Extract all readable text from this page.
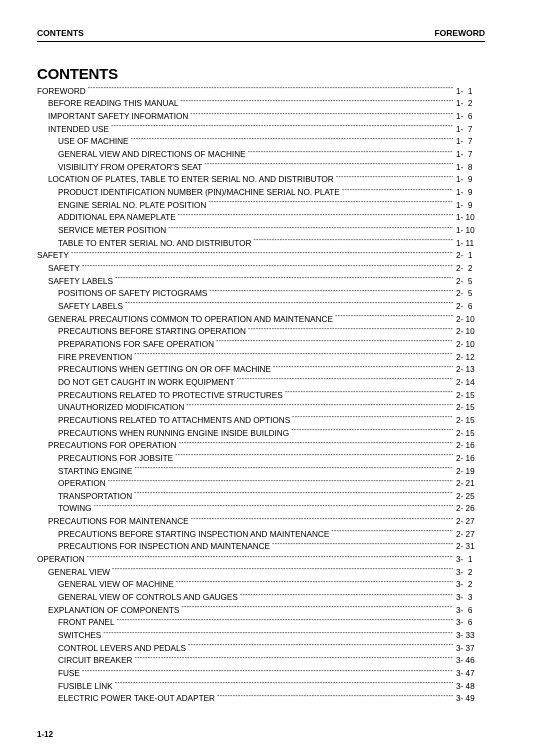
CONTENTS	FOREWORD
CONTENTS
FOREWORD -----	1-  1
BEFORE READING THIS MANUAL -----	1-  2
IMPORTANT SAFETY INFORMATION -----	1-  6
INTENDED USE -----	1-  7
USE OF MACHINE -----	1-  7
GENERAL VIEW AND DIRECTIONS OF MACHINE -----	1-  7
VISIBILITY FROM OPERATOR'S SEAT -----	1-  8
LOCATION OF PLATES, TABLE TO ENTER SERIAL NO. AND DISTRIBUTOR -----	1-  9
PRODUCT IDENTIFICATION NUMBER (PIN)/MACHINE SERIAL NO. PLATE -----	1-  9
ENGINE SERIAL NO. PLATE POSITION -----	1-  9
ADDITIONAL EPA NAMEPLATE -----	1- 10
SERVICE METER POSITION -----	1- 10
TABLE TO ENTER SERIAL NO. AND DISTRIBUTOR -----	1- 11
SAFETY -----	2-  1
SAFETY -----	2-  2
SAFETY LABELS -----	2-  5
POSITIONS OF SAFETY PICTOGRAMS -----	2-  5
SAFETY LABELS -----	2-  6
GENERAL PRECAUTIONS COMMON TO OPERATION AND MAINTENANCE -----	2- 10
PRECAUTIONS BEFORE STARTING OPERATION -----	2- 10
PREPARATIONS FOR SAFE OPERATION -----	2- 10
FIRE PREVENTION -----	2- 12
PRECAUTIONS WHEN GETTING ON OR OFF MACHINE -----	2- 13
DO NOT GET CAUGHT IN WORK EQUIPMENT -----	2- 14
PRECAUTIONS RELATED TO PROTECTIVE STRUCTURES -----	2- 15
UNAUTHORIZED MODIFICATION -----	2- 15
PRECAUTIONS RELATED TO ATTACHMENTS AND OPTIONS -----	2- 15
PRECAUTIONS WHEN RUNNING ENGINE INSIDE BUILDING -----	2- 15
PRECAUTIONS FOR OPERATION -----	2- 16
PRECAUTIONS FOR JOBSITE -----	2- 16
STARTING ENGINE -----	2- 19
OPERATION -----	2- 21
TRANSPORTATION -----	2- 25
TOWING -----	2- 26
PRECAUTIONS FOR MAINTENANCE -----	2- 27
PRECAUTIONS BEFORE STARTING INSPECTION AND MAINTENANCE -----	2- 27
PRECAUTIONS FOR INSPECTION AND MAINTENANCE -----	2- 31
OPERATION -----	3-  1
GENERAL VIEW -----	3-  2
GENERAL VIEW OF MACHINE -----	3-  2
GENERAL VIEW OF CONTROLS AND GAUGES -----	3-  3
EXPLANATION OF COMPONENTS -----	3-  6
FRONT PANEL -----	3-  6
SWITCHES -----	3- 33
CONTROL LEVERS AND PEDALS -----	3- 37
CIRCUIT BREAKER -----	3- 46
FUSE -----	3- 47
FUSIBLE LINK -----	3- 48
ELECTRIC POWER TAKE-OUT ADAPTER -----	3- 49
1-12
